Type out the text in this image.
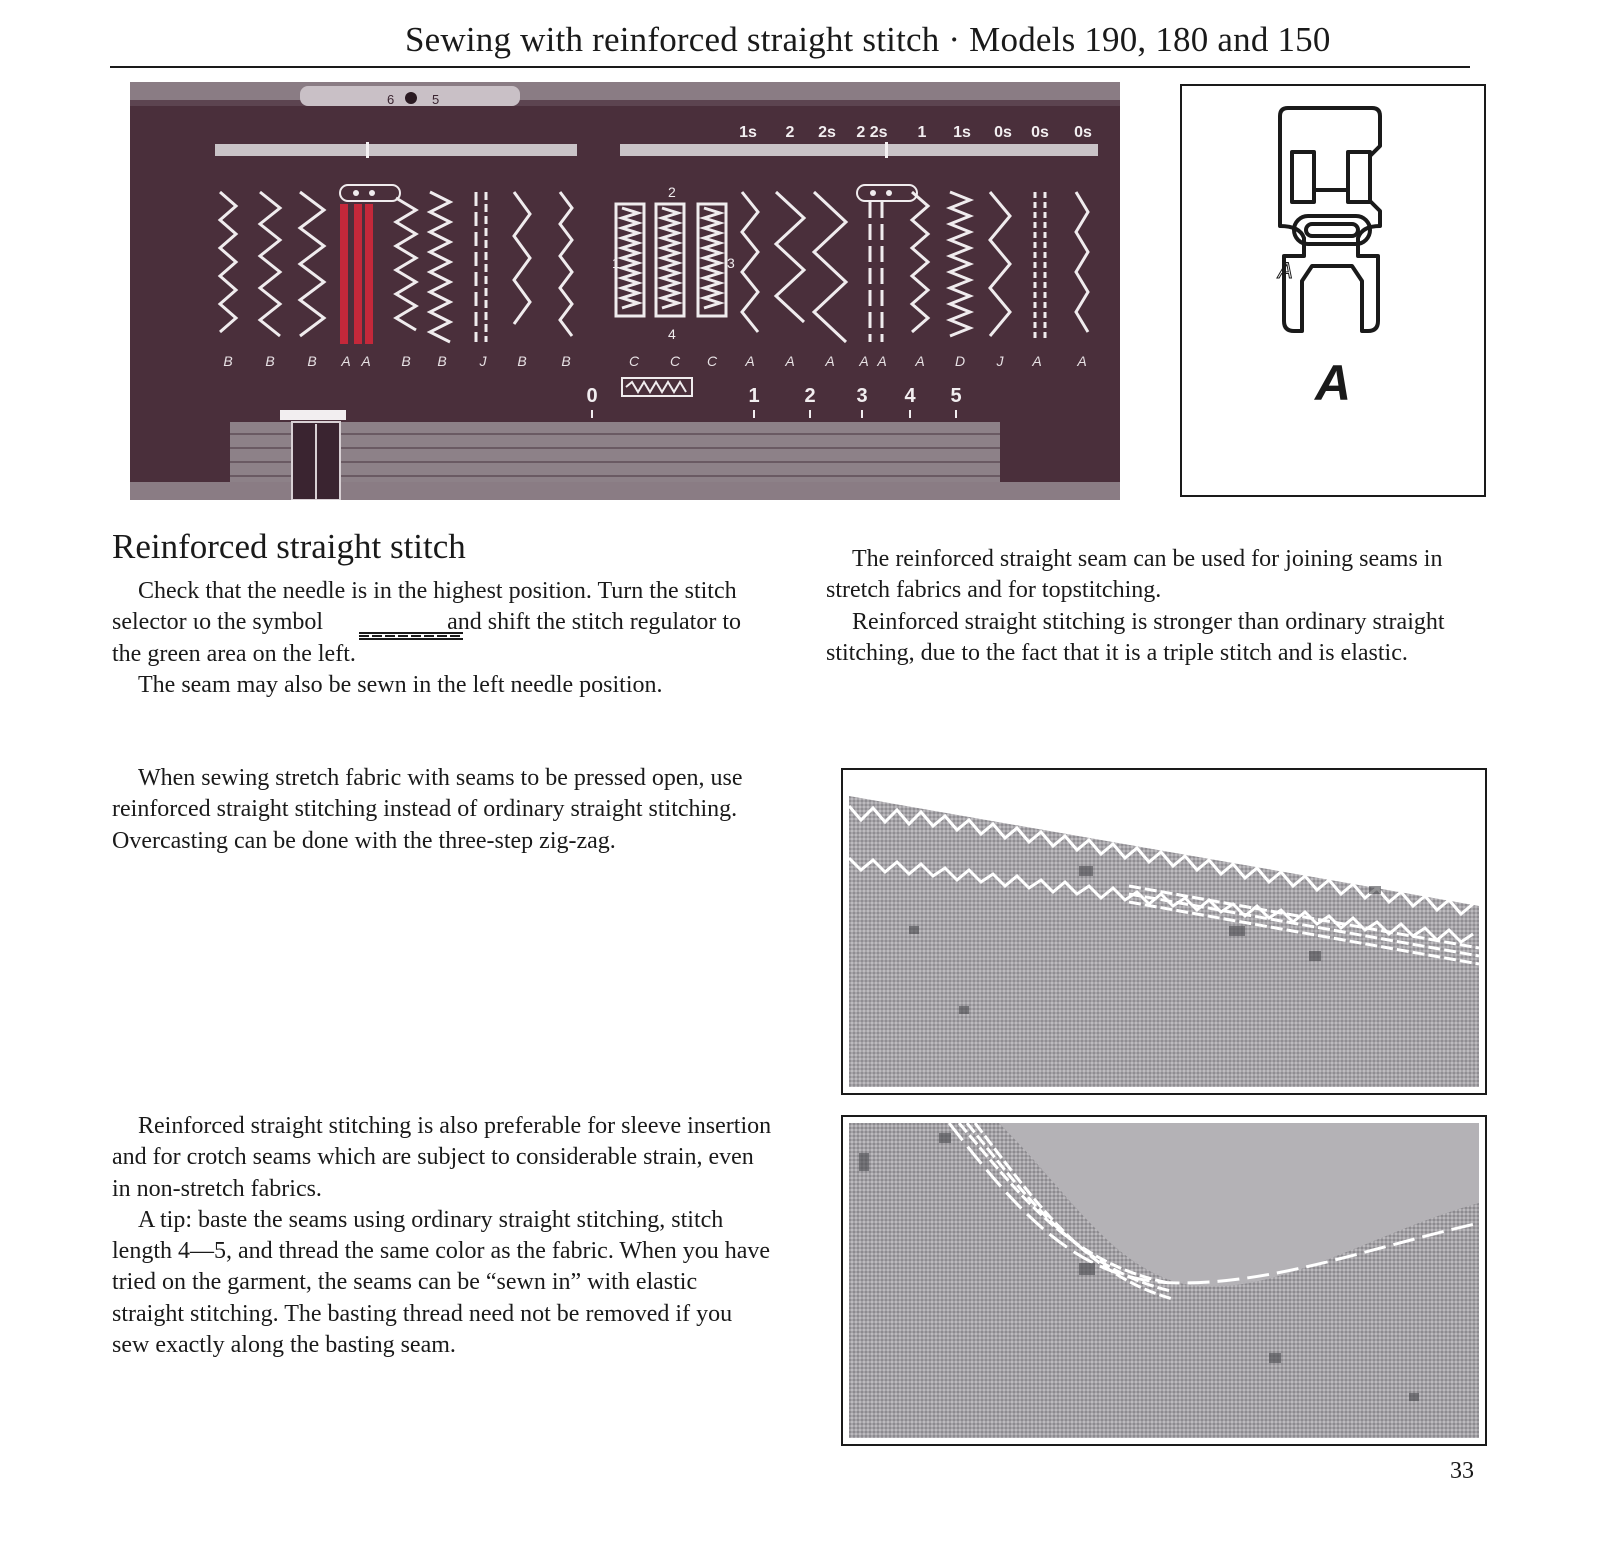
Sewing with reinforced straight stitch · Models 190, 180 and 150
6	5
1s 2 2s 2 2s 1 1s 0s 0s 0s
2
1	3
4
B B B A A B B J B B	C C C A A A A A A D J A	A
0	1 2 3 4 5
A
A
Reinforced straight stitch

Check that the needle is in the highest position. Turn the stitch selector ιo the symbol	and shift the stitch regulator to the green area on the left.

The seam may also be sewn in the left needle position.

The reinforced straight seam can be used for joining seams in stretch fabrics and for topstitching.

Reinforced straight stitching is stronger than ordinary straight stitching, due to the fact that it is a triple stitch and is elastic.

When sewing stretch fabric with seams to be pressed open, use reinforced straight stitching instead of ordinary straight stitching. Overcasting can be done with the three-step zig-zag.

Reinforced straight stitching is also preferable for sleeve insertion and for crotch seams which are subject to considerable strain, even in non-stretch fabrics.

A tip: baste the seams using ordinary straight stitching, stitch length 4—5, and thread the same color as the fabric. When you have tried on the garment, the seams can be “sewn in” with elastic straight stitching. The basting thread need not be removed if you sew exactly along the basting seam.

33
